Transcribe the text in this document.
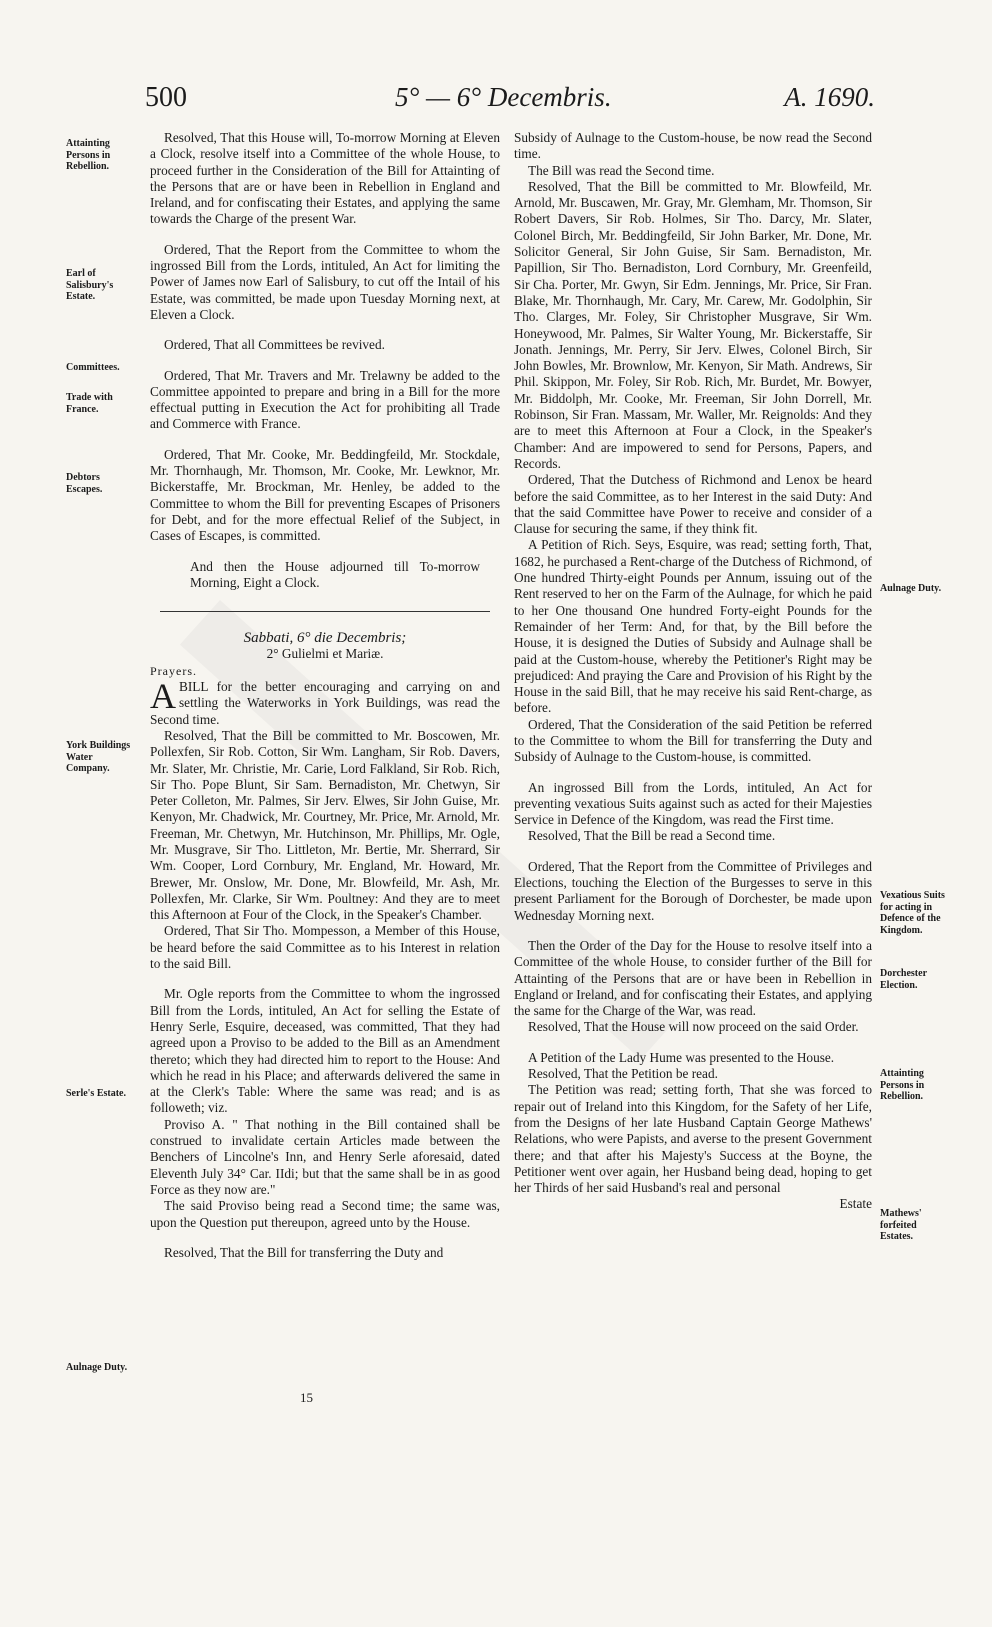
500	5° — 6° Decembris.	A. 1690.
Attainting Persons in Rebellion.
Earl of Salisbury's Estate.
Committees.
Trade with France.
Debtors Escapes.
York Buildings Water Company.
Serle's Estate.
Aulnage Duty.
Aulnage Duty.
Vexatious Suits for acting in Defence of the Kingdom.
Dorchester Election.
Attainting Persons in Rebellion.
Mathews' forfeited Estates.

Resolved, That this House will, To-morrow Morning at Eleven a Clock, resolve itself into a Committee of the whole House, to proceed further in the Consideration of the Bill for Attainting of the Persons that are or have been in Rebellion in England and Ireland, and for confiscating their Estates, and applying the same towards the Charge of the present War.

Ordered, That the Report from the Committee to whom the ingrossed Bill from the Lords, intituled, An Act for limiting the Power of James now Earl of Salisbury, to cut off the Intail of his Estate, was committed, be made upon Tuesday Morning next, at Eleven a Clock.

Ordered, That all Committees be revived.

Ordered, That Mr. Travers and Mr. Trelawny be added to the Committee appointed to prepare and bring in a Bill for the more effectual putting in Execution the Act for prohibiting all Trade and Commerce with France.

Ordered, That Mr. Cooke, Mr. Beddingfeild, Mr. Stockdale, Mr. Thornhaugh, Mr. Thomson, Mr. Cooke, Mr. Lewknor, Mr. Bickerstaffe, Mr. Brockman, Mr. Henley, be added to the Committee to whom the Bill for preventing Escapes of Prisoners for Debt, and for the more effectual Relief of the Subject, in Cases of Escapes, is committed.

And then the House adjourned till To-morrow Morning, Eight a Clock.

Sabbati, 6° die Decembris;

2° Gulielmi et Mariæ.

Prayers.

ABILL for the better encouraging and carrying on and settling the Waterworks in York Buildings, was read the Second time.

Resolved, That the Bill be committed to Mr. Boscowen, Mr. Pollexfen, Sir Rob. Cotton, Sir Wm. Langham, Sir Rob. Davers, Mr. Slater, Mr. Christie, Mr. Carie, Lord Falkland, Sir Rob. Rich, Sir Tho. Pope Blunt, Sir Sam. Bernadiston, Mr. Chetwyn, Sir Peter Colleton, Mr. Palmes, Sir Jerv. Elwes, Sir John Guise, Mr. Kenyon, Mr. Chadwick, Mr. Courtney, Mr. Price, Mr. Arnold, Mr. Freeman, Mr. Chetwyn, Mr. Hutchinson, Mr. Phillips, Mr. Ogle, Mr. Musgrave, Sir Tho. Littleton, Mr. Bertie, Mr. Sherrard, Sir Wm. Cooper, Lord Cornbury, Mr. England, Mr. Howard, Mr. Brewer, Mr. Onslow, Mr. Done, Mr. Blowfeild, Mr. Ash, Mr. Pollexfen, Mr. Clarke, Sir Wm. Poultney: And they are to meet this Afternoon at Four of the Clock, in the Speaker's Chamber.

Ordered, That Sir Tho. Mompesson, a Member of this House, be heard before the said Committee as to his Interest in relation to the said Bill.

Mr. Ogle reports from the Committee to whom the ingrossed Bill from the Lords, intituled, An Act for selling the Estate of Henry Serle, Esquire, deceased, was committed, That they had agreed upon a Proviso to be added to the Bill as an Amendment thereto; which they had directed him to report to the House: And which he read in his Place; and afterwards delivered the same in at the Clerk's Table: Where the same was read; and is as followeth; viz.

Proviso A. " That nothing in the Bill contained shall be construed to invalidate certain Articles made between the Benchers of Lincolne's Inn, and Henry Serle aforesaid, dated Eleventh July 34° Car. IIdi; but that the same shall be in as good Force as they now are."

The said Proviso being read a Second time; the same was, upon the Question put thereupon, agreed unto by the House.

Resolved, That the Bill for transferring the Duty and

15

Subsidy of Aulnage to the Custom-house, be now read the Second time.

The Bill was read the Second time.

Resolved, That the Bill be committed to Mr. Blowfeild, Mr. Arnold, Mr. Buscawen, Mr. Gray, Mr. Glemham, Mr. Thomson, Sir Robert Davers, Sir Rob. Holmes, Sir Tho. Darcy, Mr. Slater, Colonel Birch, Mr. Beddingfeild, Sir John Barker, Mr. Done, Mr. Solicitor General, Sir John Guise, Sir Sam. Bernadiston, Mr. Papillion, Sir Tho. Bernadiston, Lord Cornbury, Mr. Greenfeild, Sir Cha. Porter, Mr. Gwyn, Sir Edm. Jennings, Mr. Price, Sir Fran. Blake, Mr. Thornhaugh, Mr. Cary, Mr. Carew, Mr. Godolphin, Sir Tho. Clarges, Mr. Foley, Sir Christopher Musgrave, Sir Wm. Honeywood, Mr. Palmes, Sir Walter Young, Mr. Bickerstaffe, Sir Jonath. Jennings, Mr. Perry, Sir Jerv. Elwes, Colonel Birch, Sir John Bowles, Mr. Brownlow, Mr. Kenyon, Sir Math. Andrews, Sir Phil. Skippon, Mr. Foley, Sir Rob. Rich, Mr. Burdet, Mr. Bowyer, Mr. Biddolph, Mr. Cooke, Mr. Freeman, Sir John Dorrell, Mr. Robinson, Sir Fran. Massam, Mr. Waller, Mr. Reignolds: And they are to meet this Afternoon at Four a Clock, in the Speaker's Chamber: And are impowered to send for Persons, Papers, and Records.

Ordered, That the Dutchess of Richmond and Lenox be heard before the said Committee, as to her Interest in the said Duty: And that the said Committee have Power to receive and consider of a Clause for securing the same, if they think fit.

A Petition of Rich. Seys, Esquire, was read; setting forth, That, 1682, he purchased a Rent-charge of the Dutchess of Richmond, of One hundred Thirty-eight Pounds per Annum, issuing out of the Rent reserved to her on the Farm of the Aulnage, for which he paid to her One thousand One hundred Forty-eight Pounds for the Remainder of her Term: And, for that, by the Bill before the House, it is designed the Duties of Subsidy and Aulnage shall be paid at the Custom-house, whereby the Petitioner's Right may be prejudiced: And praying the Care and Provision of his Right by the House in the said Bill, that he may receive his said Rent-charge, as before.

Ordered, That the Consideration of the said Petition be referred to the Committee to whom the Bill for transferring the Duty and Subsidy of Aulnage to the Custom-house, is committed.

An ingrossed Bill from the Lords, intituled, An Act for preventing vexatious Suits against such as acted for their Majesties Service in Defence of the Kingdom, was read the First time.

Resolved, That the Bill be read a Second time.

Ordered, That the Report from the Committee of Privileges and Elections, touching the Election of the Burgesses to serve in this present Parliament for the Borough of Dorchester, be made upon Wednesday Morning next.

Then the Order of the Day for the House to resolve itself into a Committee of the whole House, to consider further of the Bill for Attainting of the Persons that are or have been in Rebellion in England or Ireland, and for confiscating their Estates, and applying the same for the Charge of the War, was read.

Resolved, That the House will now proceed on the said Order.

A Petition of the Lady Hume was presented to the House.

Resolved, That the Petition be read.

The Petition was read; setting forth, That she was forced to repair out of Ireland into this Kingdom, for the Safety of her Life, from the Designs of her late Husband Captain George Mathews' Relations, who were Papists, and averse to the present Government there; and that after his Majesty's Success at the Boyne, the Petitioner went over again, her Husband being dead, hoping to get her Thirds of her said Husband's real and personal

Estate
